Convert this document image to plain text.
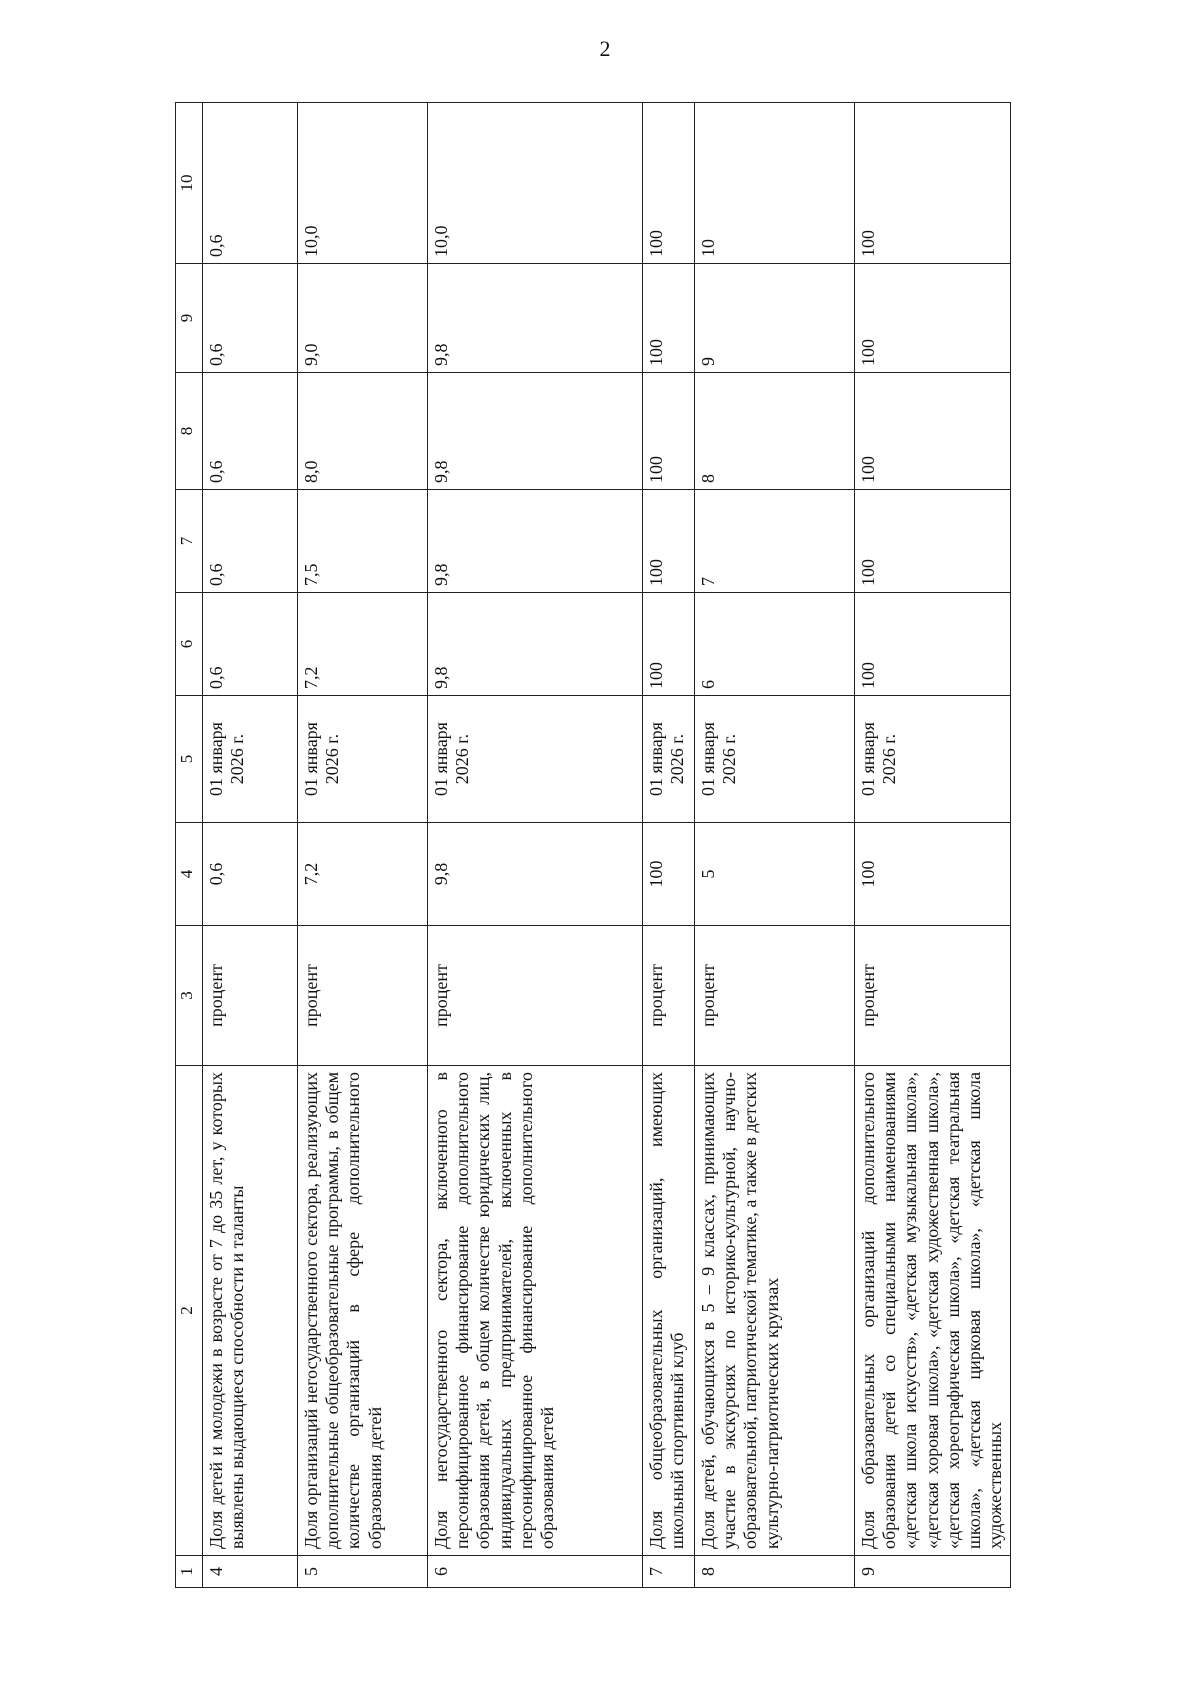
2
1	2	3	4	5	6	7	8	9	10
4	Доля детей и молодежи в возрасте от 7 до 35 лет, у которых выявлены выдающиеся способности и таланты	процент	0,6	01 января 2026 г.	0,6	0,6	0,6	0,6	0,6
5	Доля организаций негосударственного сектора, реализующих дополнительные общеобразовательные программы, в общем количестве организаций в сфере дополнительного образования детей	процент	7,2	01 января 2026 г.	7,2	7,5	8,0	9,0	10,0
6	Доля негосударственного сектора, включенного в персонифицированное финансирование дополнительного образования детей, в общем количестве юридических лиц, индивидуальных предпринимателей, включенных в персонифицированное финансирование дополнительного образования детей	процент	9,8	01 января 2026 г.	9,8	9,8	9,8	9,8	10,0
7	Доля общеобразовательных организаций, имеющих школьный спортивный клуб	процент	100	01 января 2026 г.	100	100	100	100	100
8	Доля детей, обучающихся в 5 – 9 классах, принимающих участие в экскурсиях по историко-культурной, научно-образовательной, патриотической тематике, а также в детских культурно-патриотических круизах	процент	5	01 января 2026 г.	6	7	8	9	10
9	Доля образовательных организаций дополнительного образования детей со специальными наименованиями «детская школа искусств», «детская музыкальная школа», «детская хоровая школа», «детская художественная школа», «детская хореографическая школа», «детская театральная школа», «детская цирковая школа», «детская школа художественных	процент	100	01 января 2026 г.	100	100	100	100	100
